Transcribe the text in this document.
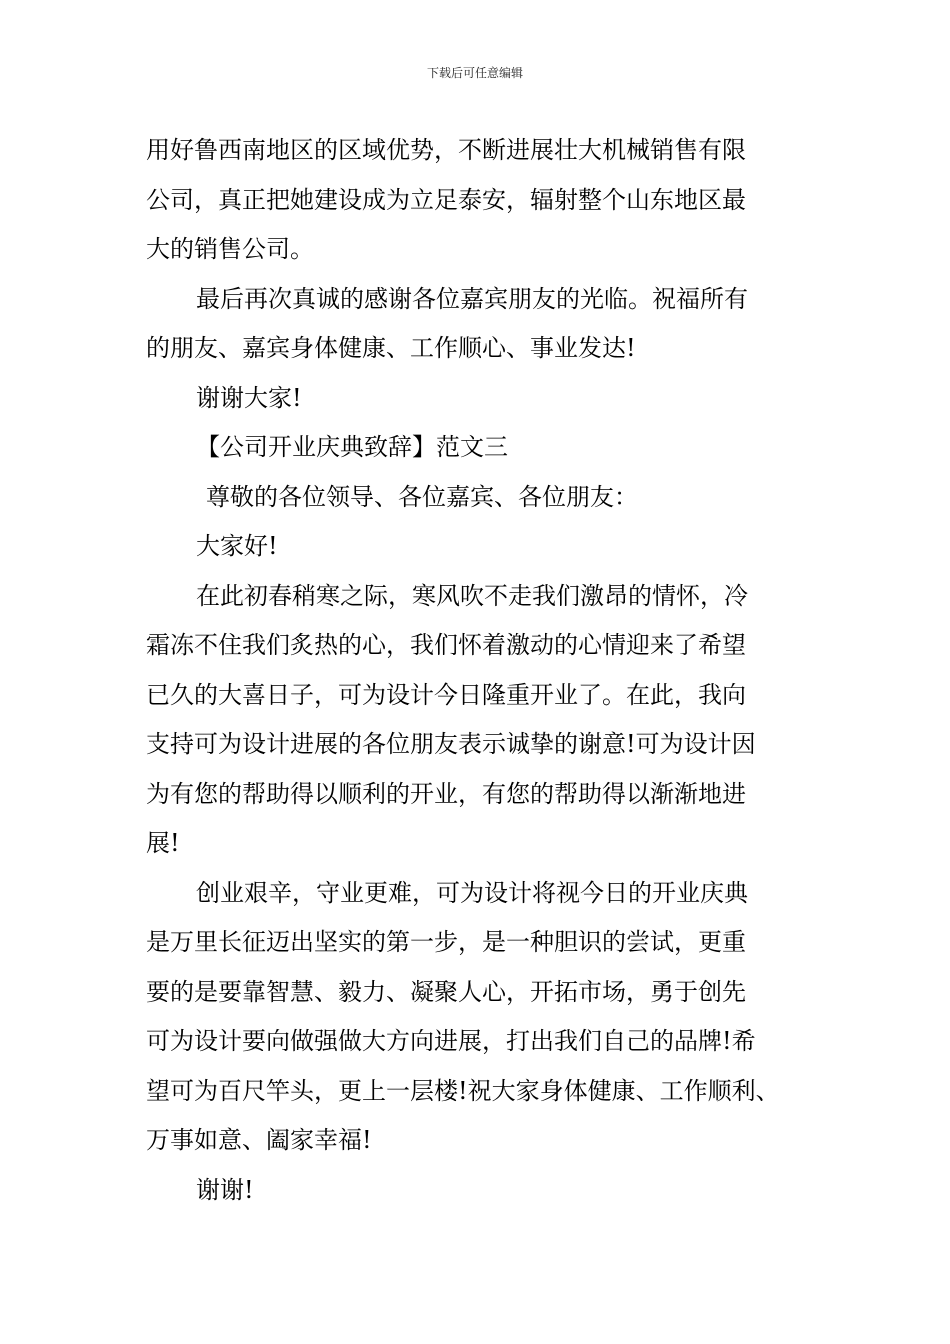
下载后可任意编辑
用好鲁西南地区的区域优势，不断进展壮大机械销售有限
公司，真正把她建设成为立足泰安，辐射整个山东地区最
大的销售公司。
最后再次真诚的感谢各位嘉宾朋友的光临。祝福所有
的朋友、嘉宾身体健康、工作顺心、事业发达!
谢谢大家!
【公司开业庆典致辞】范文三
尊敬的各位领导、各位嘉宾、各位朋友：
大家好!
在此初春稍寒之际，寒风吹不走我们激昂的情怀，冷
霜冻不住我们炙热的心，我们怀着激动的心情迎来了希望
已久的大喜日子，可为设计今日隆重开业了。在此，我向
支持可为设计进展的各位朋友表示诚挚的谢意!可为设计因
为有您的帮助得以顺利的开业，有您的帮助得以渐渐地进
展!
创业艰辛，守业更难，可为设计将视今日的开业庆典
是万里长征迈出坚实的第一步，是一种胆识的尝试，更重
要的是要靠智慧、毅力、凝聚人心，开拓市场，勇于创先
可为设计要向做强做大方向进展，打出我们自己的品牌!希
望可为百尺竿头，更上一层楼!祝大家身体健康、工作顺利、
万事如意、阖家幸福!
谢谢!
